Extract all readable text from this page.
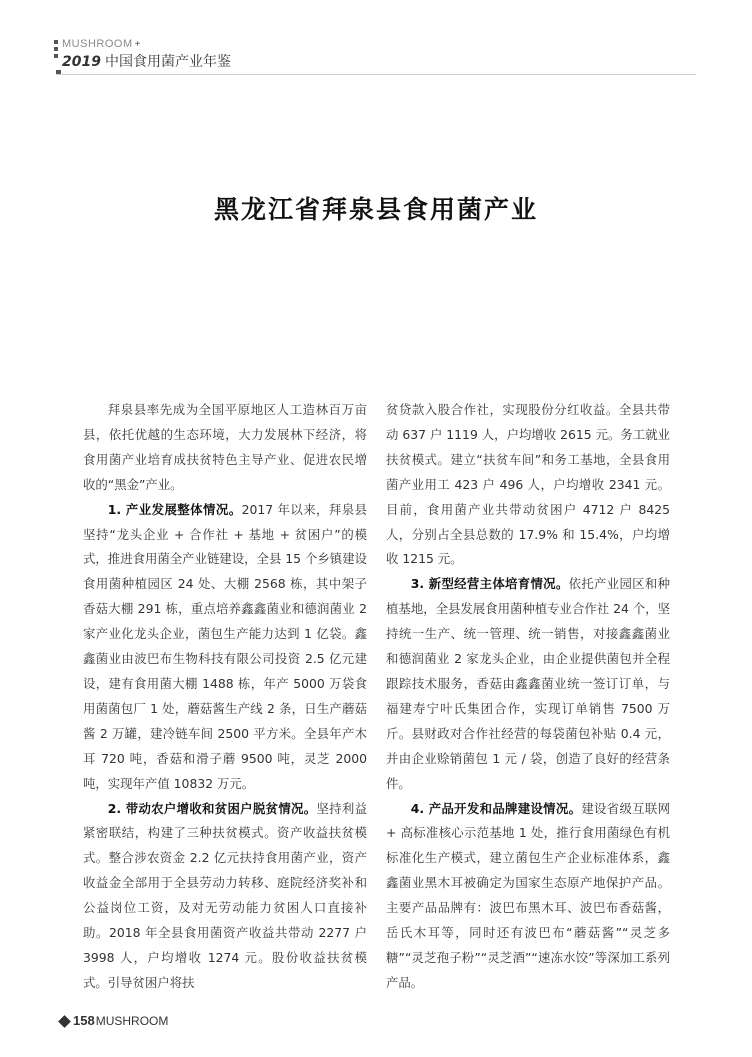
MUSHROOM +
2019 中国食用菌产业年鉴
黑龙江省拜泉县食用菌产业

拜泉县率先成为全国平原地区人工造林百万亩县，依托优越的生态环境，大力发展林下经济，将食用菌产业培育成扶贫特色主导产业、促进农民增收的“黑金”产业。

1. 产业发展整体情况。2017 年以来，拜泉县坚持“龙头企业 + 合作社 + 基地 + 贫困户”的模式，推进食用菌全产业链建设，全县 15 个乡镇建设食用菌种植园区 24 处、大棚 2568 栋，其中架子香菇大棚 291 栋，重点培养鑫鑫菌业和德润菌业 2 家产业化龙头企业，菌包生产能力达到 1 亿袋。鑫鑫菌业由波巴布生物科技有限公司投资 2.5 亿元建设，建有食用菌大棚 1488 栋，年产 5000 万袋食用菌菌包厂 1 处，蘑菇酱生产线 2 条，日生产蘑菇酱 2 万罐，建冷链车间 2500 平方米。全县年产木耳 720 吨，香菇和滑子蘑 9500 吨，灵芝 2000 吨，实现年产值 10832 万元。

2. 带动农户增收和贫困户脱贫情况。坚持利益紧密联结，构建了三种扶贫模式。资产收益扶贫模式。整合涉农资金 2.2 亿元扶持食用菌产业，资产收益金全部用于全县劳动力转移、庭院经济奖补和公益岗位工资，及对无劳动能力贫困人口直接补助。2018 年全县食用菌资产收益共带动 2277 户 3998 人，户均增收 1274 元。股份收益扶贫模式。引导贫困户将扶

贫贷款入股合作社，实现股份分红收益。全县共带动 637 户 1119 人，户均增收 2615 元。务工就业扶贫模式。建立“扶贫车间”和务工基地，全县食用菌产业用工 423 户 496 人，户均增收 2341 元。目前，食用菌产业共带动贫困户 4712 户 8425 人，分别占全县总数的 17.9% 和 15.4%，户均增收 1215 元。

3. 新型经营主体培育情况。依托产业园区和种植基地，全县发展食用菌种植专业合作社 24 个，坚持统一生产、统一管理、统一销售，对接鑫鑫菌业和德润菌业 2 家龙头企业，由企业提供菌包并全程跟踪技术服务，香菇由鑫鑫菌业统一签订订单，与福建寿宁叶氏集团合作，实现订单销售 7500 万斤。县财政对合作社经营的每袋菌包补贴 0.4 元，并由企业赊销菌包 1 元 / 袋，创造了良好的经营条件。

4. 产品开发和品牌建设情况。建设省级互联网 + 高标准核心示范基地 1 处，推行食用菌绿色有机标准化生产模式，建立菌包生产企业标准体系，鑫鑫菌业黑木耳被确定为国家生态原产地保护产品。主要产品品牌有：波巴布黑木耳、波巴布香菇酱，岳氏木耳等，同时还有波巴布“蘑菇酱”“灵芝多糖”“灵芝孢子粉”“灵芝酒”“速冻水饺”等深加工系列产品。

158MUSHROOM
